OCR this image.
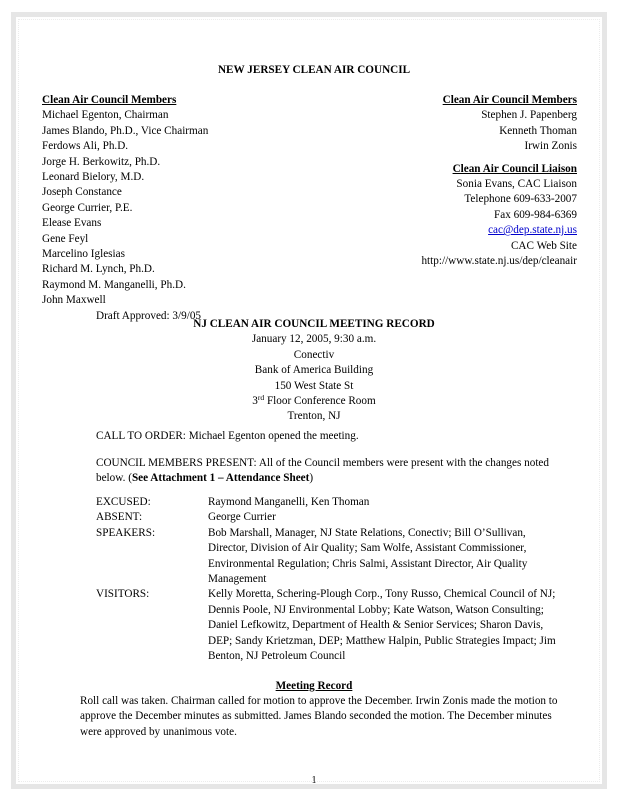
NEW JERSEY CLEAN AIR COUNCIL
Clean Air Council Members
Michael Egenton, Chairman
James Blando, Ph.D., Vice Chairman
Ferdows Ali, Ph.D.
Jorge H. Berkowitz, Ph.D.
Leonard Bielory, M.D.
Joseph Constance
George Currier, P.E.
Elease Evans
Gene Feyl
Marcelino Iglesias
Richard M. Lynch, Ph.D.
Raymond M. Manganelli, Ph.D.
John Maxwell
Draft Approved: 3/9/05
Clean Air Council Members
Stephen J. Papenberg
Kenneth Thoman
Irwin Zonis
Clean Air Council Liaison
Sonia Evans, CAC Liaison
Telephone 609-633-2007
Fax 609-984-6369
cac@dep.state.nj.us
CAC Web Site
http://www.state.nj.us/dep/cleanair
NJ CLEAN AIR COUNCIL MEETING RECORD
January 12, 2005, 9:30 a.m.
Conectiv
Bank of America Building
150 West State St
3rd Floor Conference Room
Trenton, NJ
CALL TO ORDER: Michael Egenton opened the meeting.
COUNCIL MEMBERS PRESENT: All of the Council members were present with the changes noted below. (See Attachment 1 – Attendance Sheet)
EXCUSED:	Raymond Manganelli, Ken Thoman
ABSENT:	George Currier
SPEAKERS:	Bob Marshall, Manager, NJ State Relations, Conectiv; Bill O’Sullivan, Director, Division of Air Quality; Sam Wolfe, Assistant Commissioner, Environmental Regulation; Chris Salmi, Assistant Director, Air Quality Management
VISITORS:	Kelly Moretta, Schering-Plough Corp., Tony Russo, Chemical Council of NJ; Dennis Poole, NJ Environmental Lobby; Kate Watson, Watson Consulting; Daniel Lefkowitz, Department of Health & Senior Services; Sharon Davis, DEP; Sandy Krietzman, DEP; Matthew Halpin, Public Strategies Impact; Jim Benton, NJ Petroleum Council
Meeting Record
Roll call was taken. Chairman called for motion to approve the December. Irwin Zonis made the motion to approve the December minutes as submitted. James Blando seconded the motion. The December minutes were approved by unanimous vote.
1
